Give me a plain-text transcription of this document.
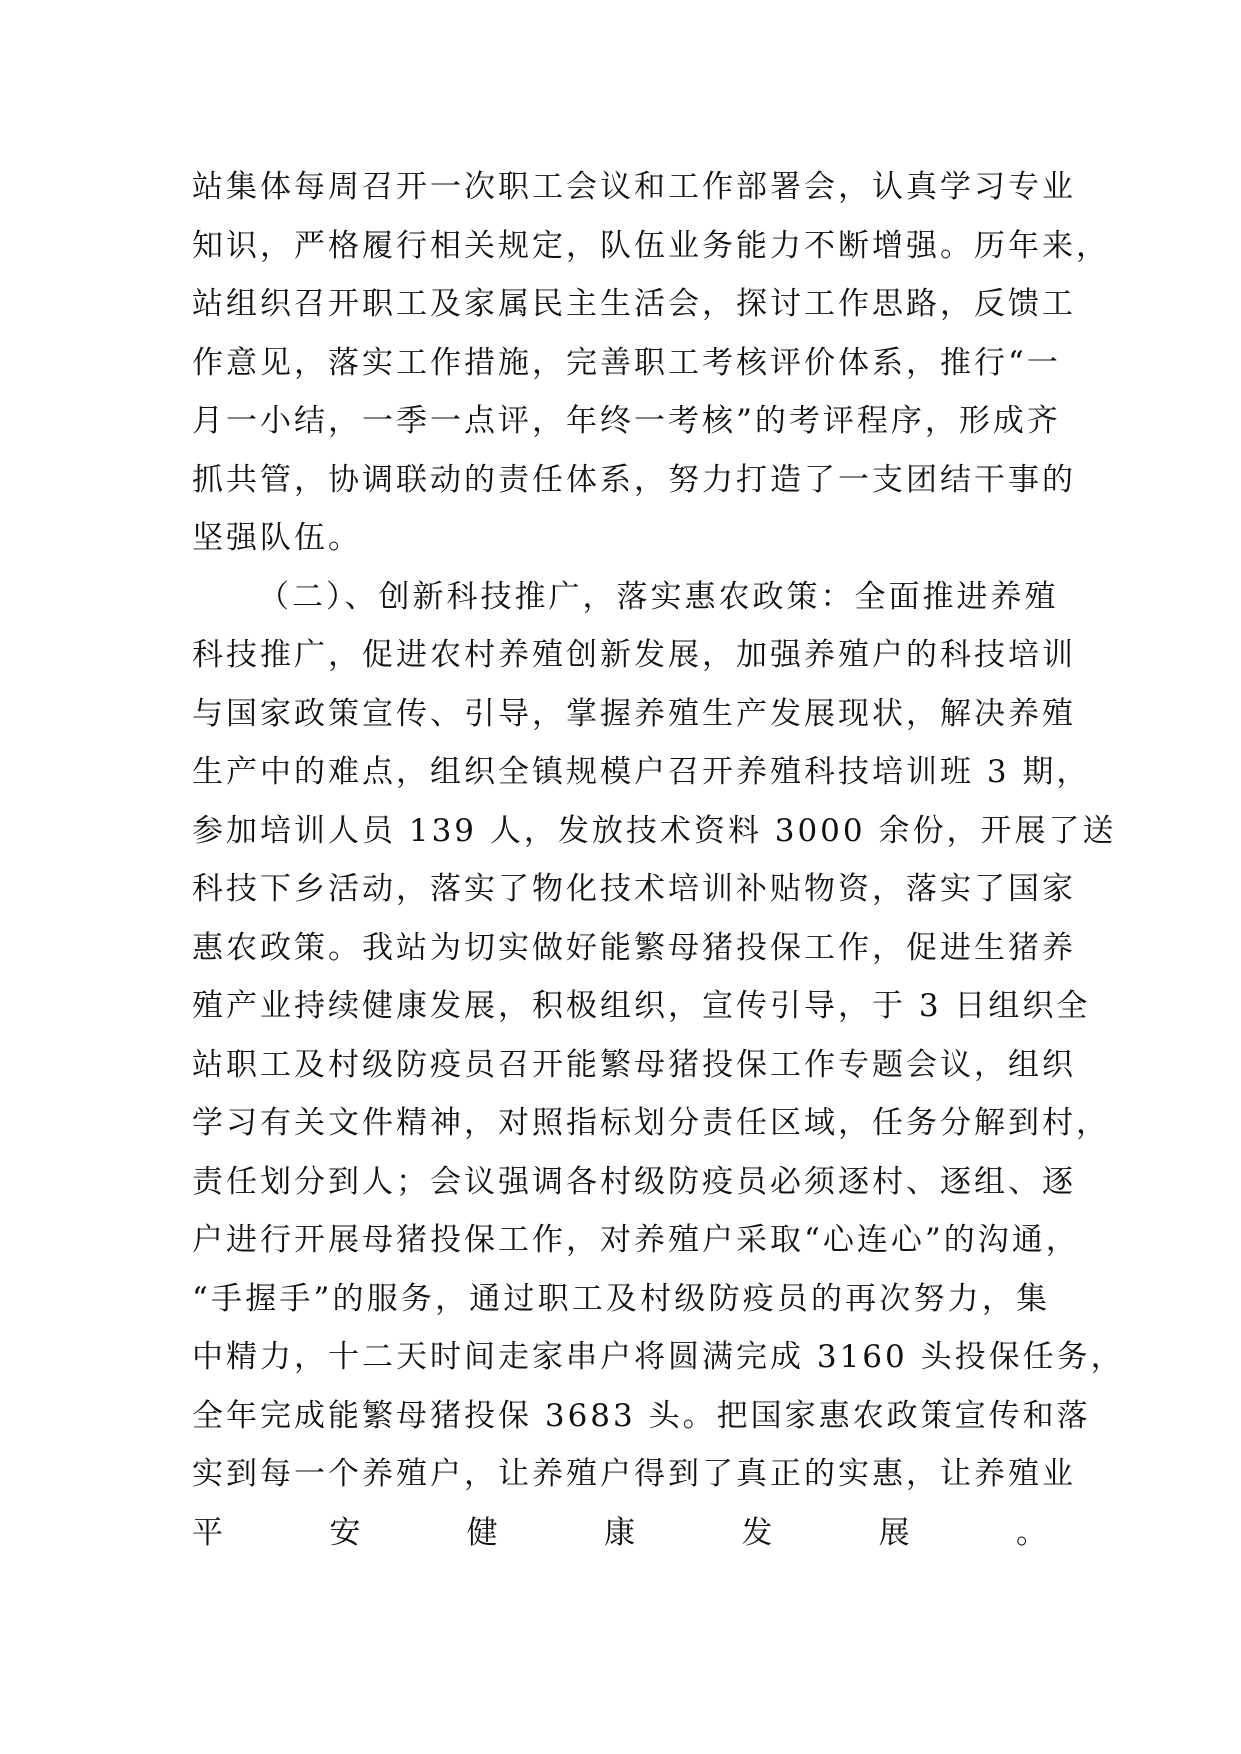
站集体每周召开一次职工会议和工作部署会，认真学习专业
知识，严格履行相关规定，队伍业务能力不断增强。历年来，
站组织召开职工及家属民主生活会，探讨工作思路，反馈工
作意见，落实工作措施，完善职工考核评价体系，推行“一
月一小结，一季一点评，年终一考核”的考评程序，形成齐
抓共管，协调联动的责任体系，努力打造了一支团结干事的
坚强队伍。
（二）、创新科技推广，落实惠农政策：全面推进养殖
科技推广，促进农村养殖创新发展，加强养殖户的科技培训
与国家政策宣传、引导，掌握养殖生产发展现状，解决养殖
生产中的难点，组织全镇规模户召开养殖科技培训班 3 期，
参加培训人员 139 人，发放技术资料 3000 余份，开展了送
科技下乡活动，落实了物化技术培训补贴物资，落实了国家
惠农政策。我站为切实做好能繁母猪投保工作，促进生猪养
殖产业持续健康发展，积极组织，宣传引导，于 3 日组织全
站职工及村级防疫员召开能繁母猪投保工作专题会议，组织
学习有关文件精神，对照指标划分责任区域，任务分解到村，
责任划分到人；会议强调各村级防疫员必须逐村、逐组、逐
户进行开展母猪投保工作，对养殖户采取“心连心”的沟通，
“手握手”的服务，通过职工及村级防疫员的再次努力，集
中精力，十二天时间走家串户将圆满完成 3160 头投保任务，
全年完成能繁母猪投保 3683 头。把国家惠农政策宣传和落
实到每一个养殖户，让养殖户得到了真正的实惠，让养殖业
平安健康发展。
